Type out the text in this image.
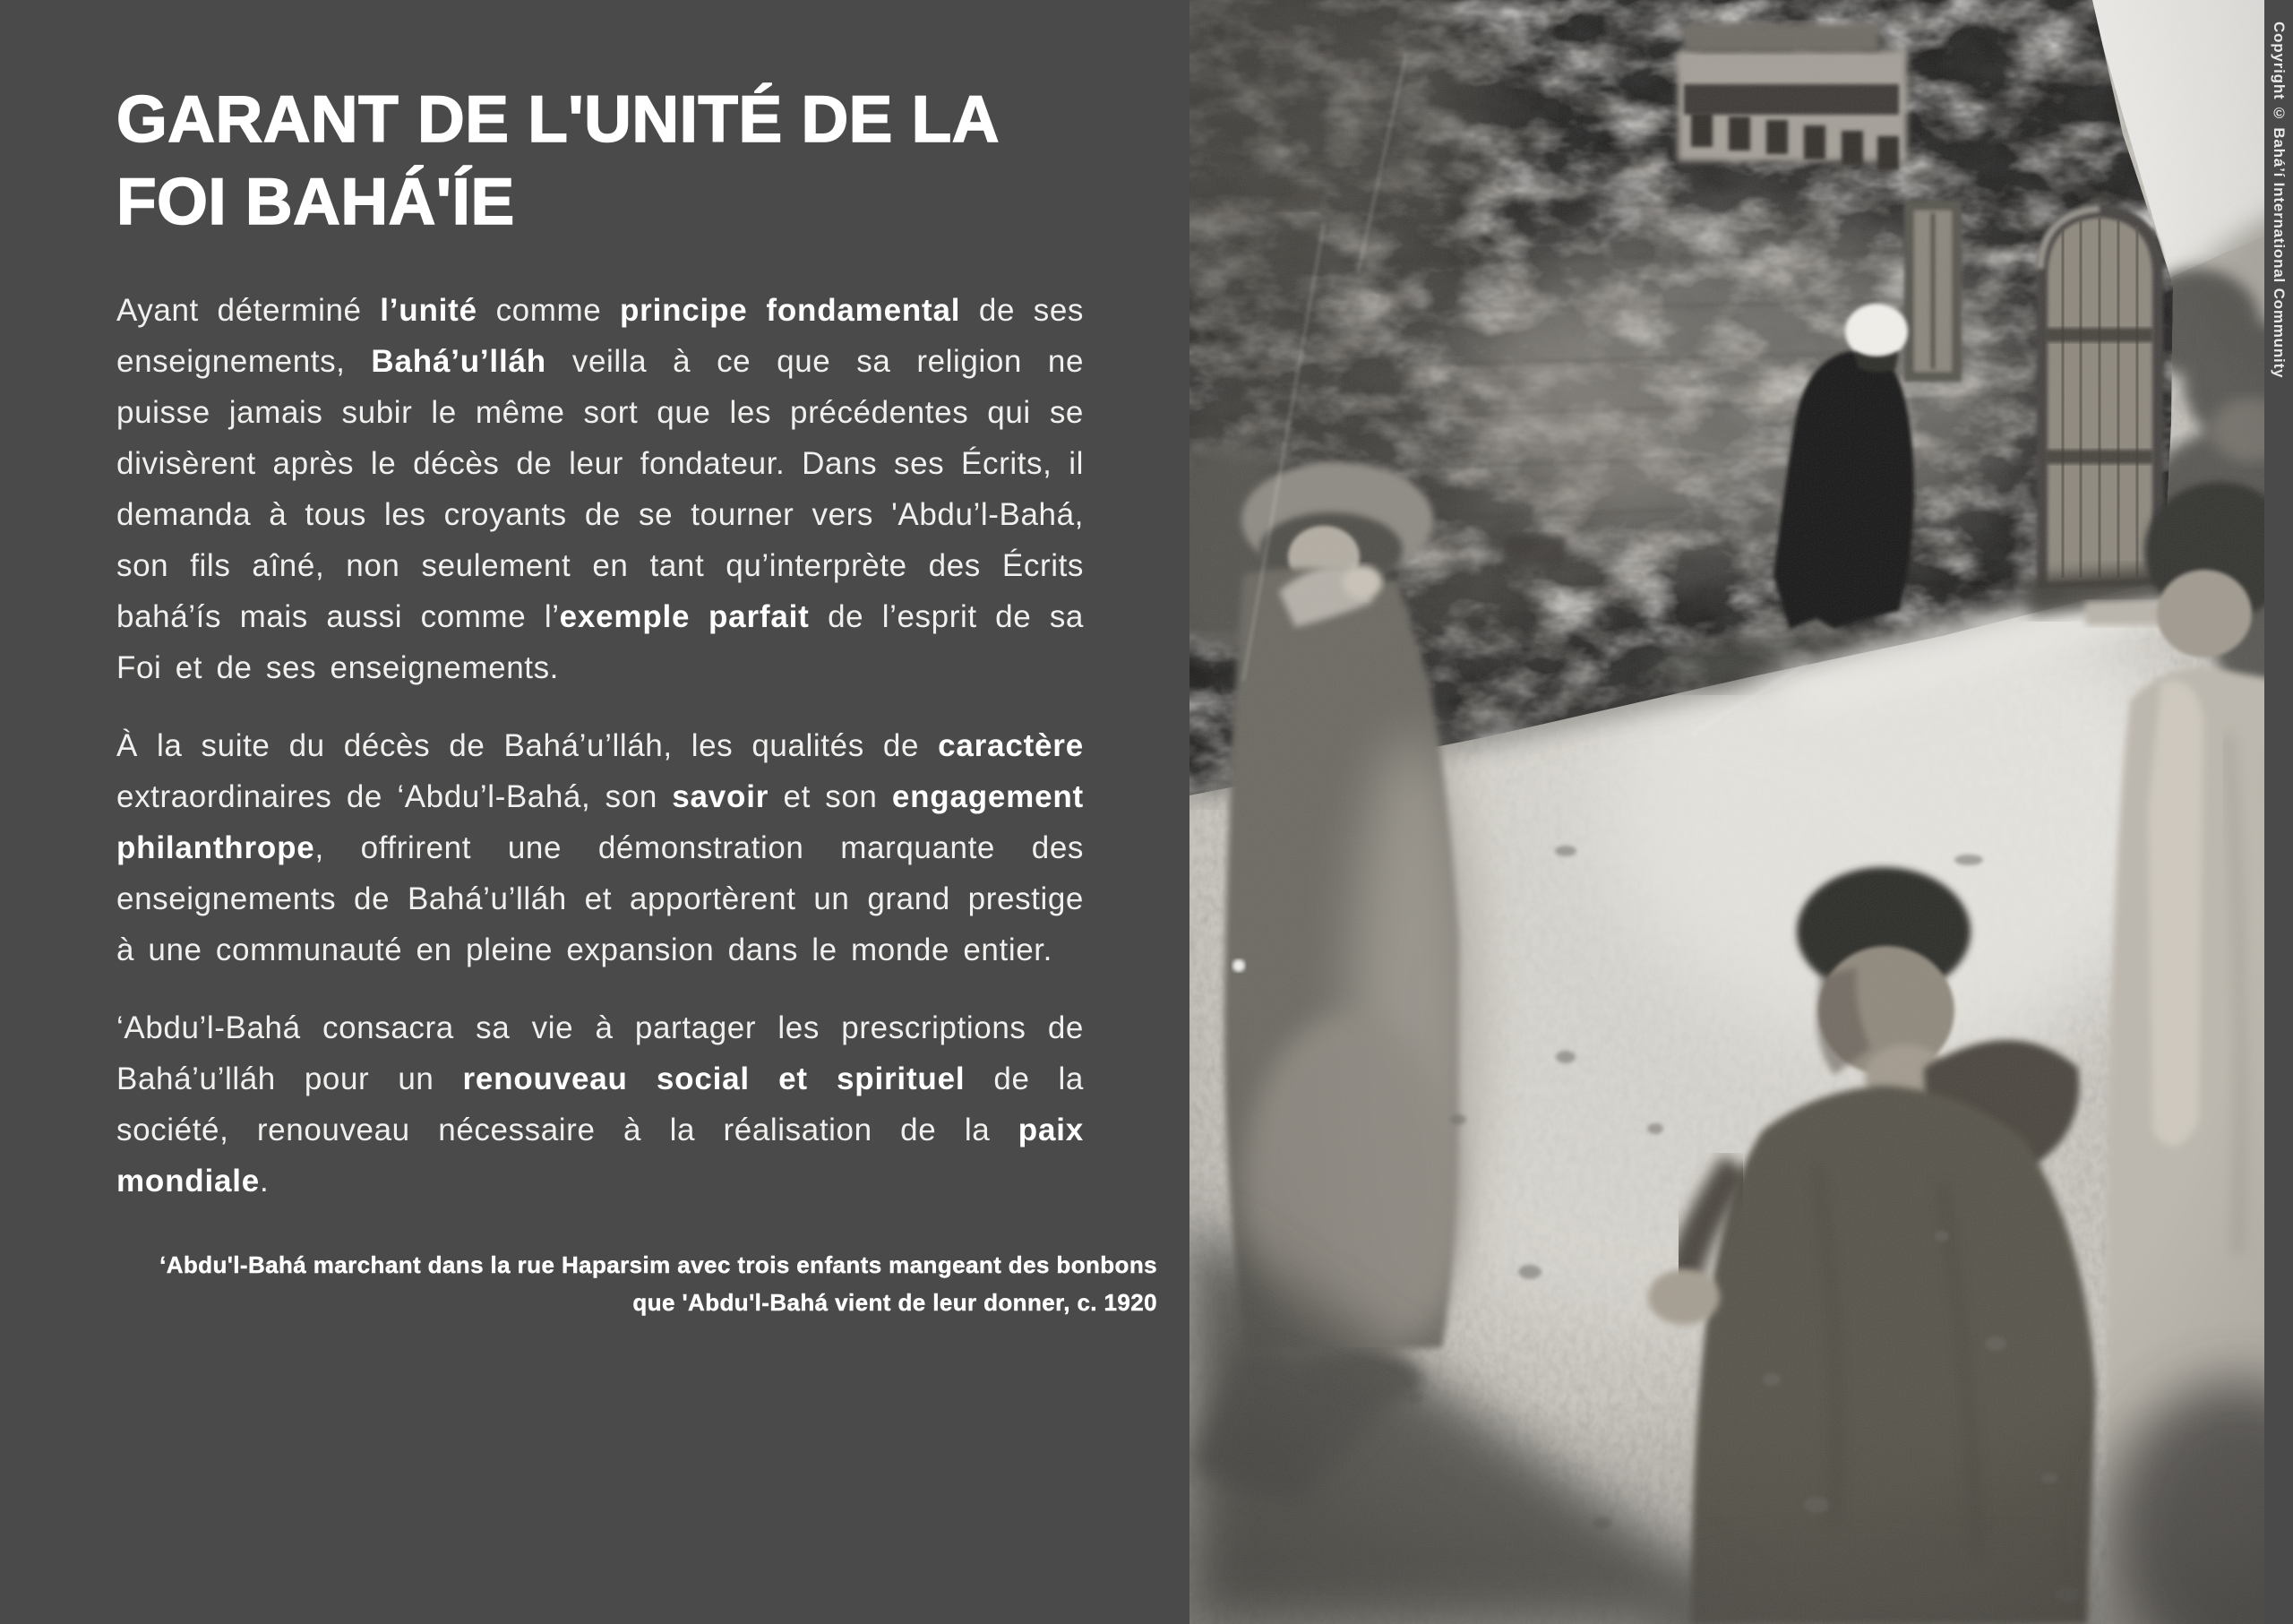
GARANT DE L'UNITÉ DE LA
FOI BAHÁ'ÍE

Ayant déterminé l’unité comme principe fondamental de ses enseignements, Bahá’u’lláh veilla à ce que sa religion ne puisse jamais subir le même sort que les précédentes qui se divisèrent après le décès de leur fondateur. Dans ses Écrits, il demanda à tous les croyants de se tourner vers 'Abdu’l-Bahá, son fils aîné, non seulement en tant qu’interprète des Écrits bahá’ís mais aussi comme l’exemple parfait de l’esprit de sa Foi et de ses enseignements.

À la suite du décès de Bahá’u’lláh, les qualités de caractère extraordinaires de ‘Abdu’l-Bahá, son savoir et son engagement philanthrope, offrirent une démonstration marquante des enseignements de Bahá’u’lláh et apportèrent un grand prestige à une communauté en pleine expansion dans le monde entier.

‘Abdu’l-Bahá consacra sa vie à partager les prescriptions de Bahá’u’lláh pour un renouveau social et spirituel de la société, renouveau nécessaire à la réalisation de la paix mondiale.

‘Abdu'l-Bahá marchant dans la rue Haparsim avec trois enfants mangeant des bonbons que 'Abdu'l-Bahá vient de leur donner, c. 1920

Copyright © Bahá’í International Community
